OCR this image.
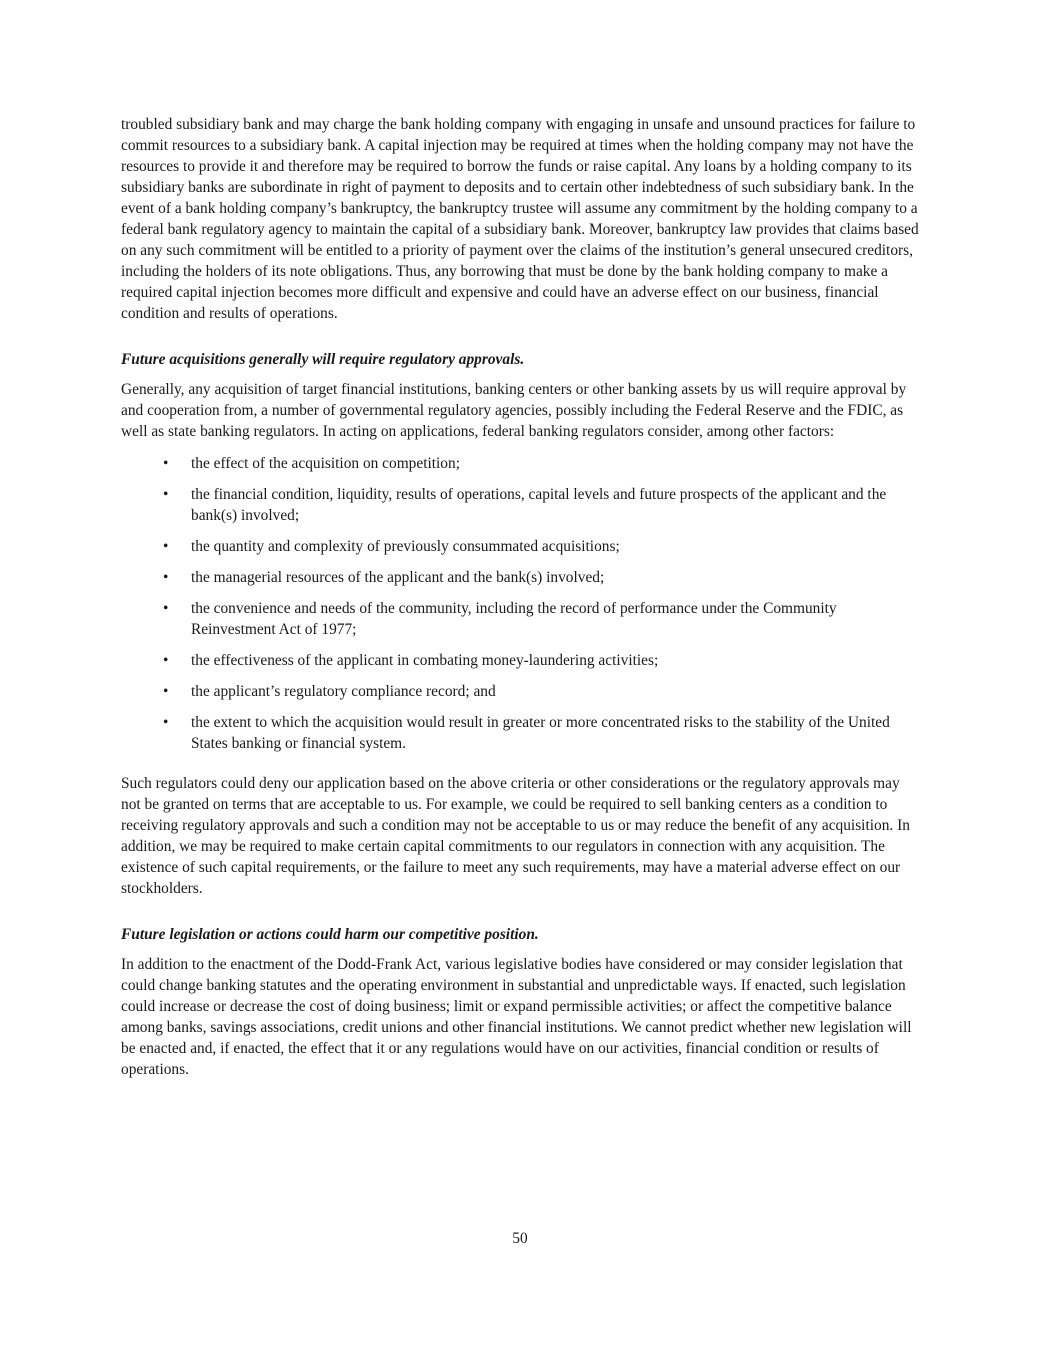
troubled subsidiary bank and may charge the bank holding company with engaging in unsafe and unsound practices for failure to commit resources to a subsidiary bank. A capital injection may be required at times when the holding company may not have the resources to provide it and therefore may be required to borrow the funds or raise capital. Any loans by a holding company to its subsidiary banks are subordinate in right of payment to deposits and to certain other indebtedness of such subsidiary bank. In the event of a bank holding company’s bankruptcy, the bankruptcy trustee will assume any commitment by the holding company to a federal bank regulatory agency to maintain the capital of a subsidiary bank. Moreover, bankruptcy law provides that claims based on any such commitment will be entitled to a priority of payment over the claims of the institution’s general unsecured creditors, including the holders of its note obligations. Thus, any borrowing that must be done by the bank holding company to make a required capital injection becomes more difficult and expensive and could have an adverse effect on our business, financial condition and results of operations.

Future acquisitions generally will require regulatory approvals.

Generally, any acquisition of target financial institutions, banking centers or other banking assets by us will require approval by and cooperation from, a number of governmental regulatory agencies, possibly including the Federal Reserve and the FDIC, as well as state banking regulators. In acting on applications, federal banking regulators consider, among other factors:

• the effect of the acquisition on competition;
• the financial condition, liquidity, results of operations, capital levels and future prospects of the applicant and the bank(s) involved;
• the quantity and complexity of previously consummated acquisitions;
• the managerial resources of the applicant and the bank(s) involved;
• the convenience and needs of the community, including the record of performance under the Community Reinvestment Act of 1977;
• the effectiveness of the applicant in combating money-laundering activities;
• the applicant’s regulatory compliance record; and
• the extent to which the acquisition would result in greater or more concentrated risks to the stability of the United States banking or financial system.

Such regulators could deny our application based on the above criteria or other considerations or the regulatory approvals may not be granted on terms that are acceptable to us. For example, we could be required to sell banking centers as a condition to receiving regulatory approvals and such a condition may not be acceptable to us or may reduce the benefit of any acquisition. In addition, we may be required to make certain capital commitments to our regulators in connection with any acquisition. The existence of such capital requirements, or the failure to meet any such requirements, may have a material adverse effect on our stockholders.

Future legislation or actions could harm our competitive position.

In addition to the enactment of the Dodd-Frank Act, various legislative bodies have considered or may consider legislation that could change banking statutes and the operating environment in substantial and unpredictable ways. If enacted, such legislation could increase or decrease the cost of doing business; limit or expand permissible activities; or affect the competitive balance among banks, savings associations, credit unions and other financial institutions. We cannot predict whether new legislation will be enacted and, if enacted, the effect that it or any regulations would have on our activities, financial condition or results of operations.

50
